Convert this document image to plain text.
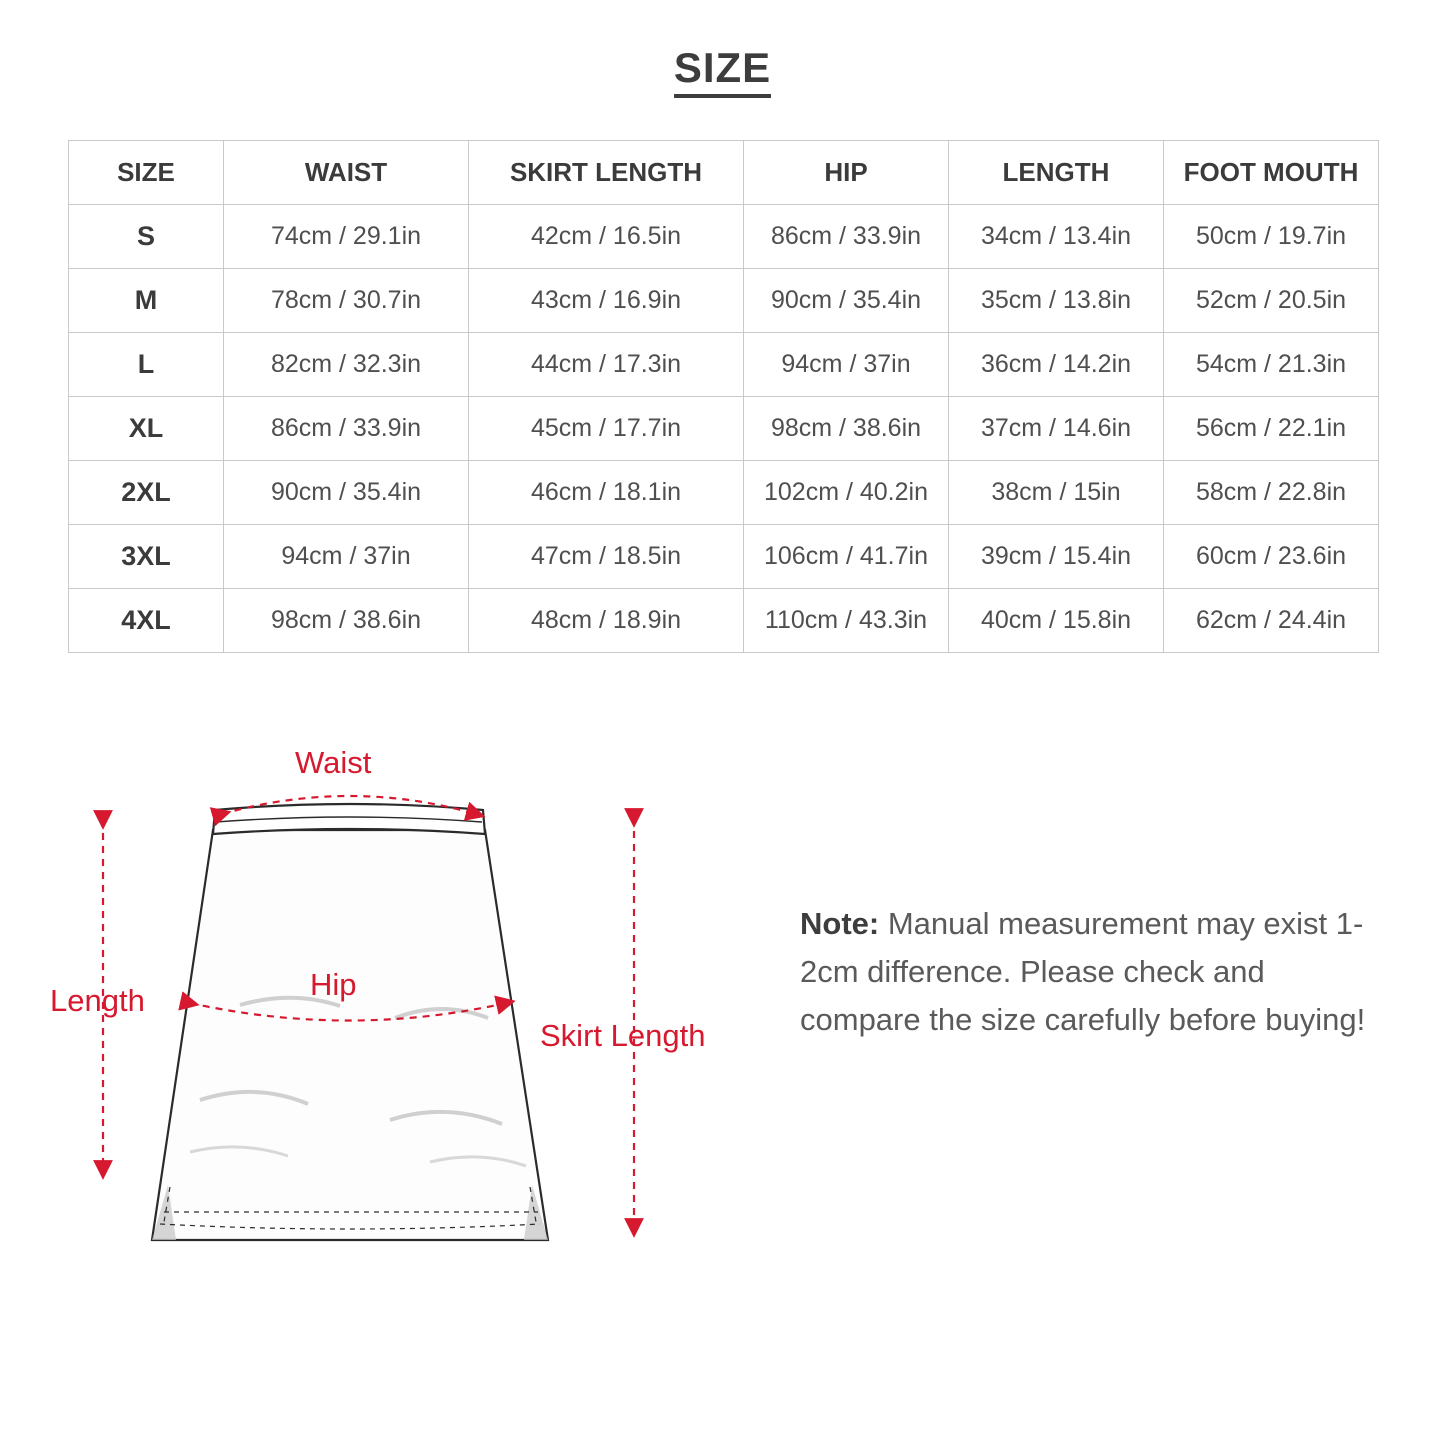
SIZE
SIZE	WAIST	SKIRT LENGTH	HIP	LENGTH	FOOT MOUTH
S	74cm / 29.1in	42cm / 16.5in	86cm / 33.9in	34cm / 13.4in	50cm / 19.7in
M	78cm / 30.7in	43cm / 16.9in	90cm / 35.4in	35cm / 13.8in	52cm / 20.5in
L	82cm / 32.3in	44cm / 17.3in	94cm / 37in	36cm / 14.2in	54cm / 21.3in
XL	86cm / 33.9in	45cm / 17.7in	98cm / 38.6in	37cm / 14.6in	56cm / 22.1in
2XL	90cm / 35.4in	46cm / 18.1in	102cm / 40.2in	38cm / 15in	58cm / 22.8in
3XL	94cm / 37in	47cm / 18.5in	106cm / 41.7in	39cm / 15.4in	60cm / 23.6in
4XL	98cm / 38.6in	48cm / 18.9in	110cm / 43.3in	40cm / 15.8in	62cm / 24.4in
Waist
Hip
Length
Skirt Length
Note: Manual measurement may exist 1-2cm difference. Please check and compare the size carefully before buying!
